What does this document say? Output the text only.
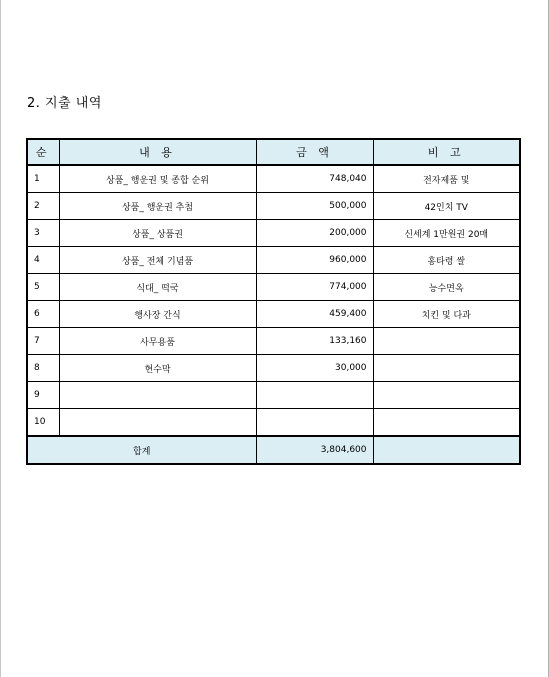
2. 지출 내역
순	내 용	금 액	비 고
1	상품_ 행운권 및 종합 순위	748,040	전자제품 및
2	상품_ 행운권 추첨	500,000	42인치 TV
3	상품_ 상품권	200,000	신세계 1만원권 20매
4	상품_ 전체 기념품	960,000	홍타령 쌀
5	식대_ 떡국	774,000	능수면옥
6	행사장 간식	459,400	치킨 및 다과
7	사무용품	133,160	
8	현수막	30,000	
9			
10			
합계		3,804,600	
